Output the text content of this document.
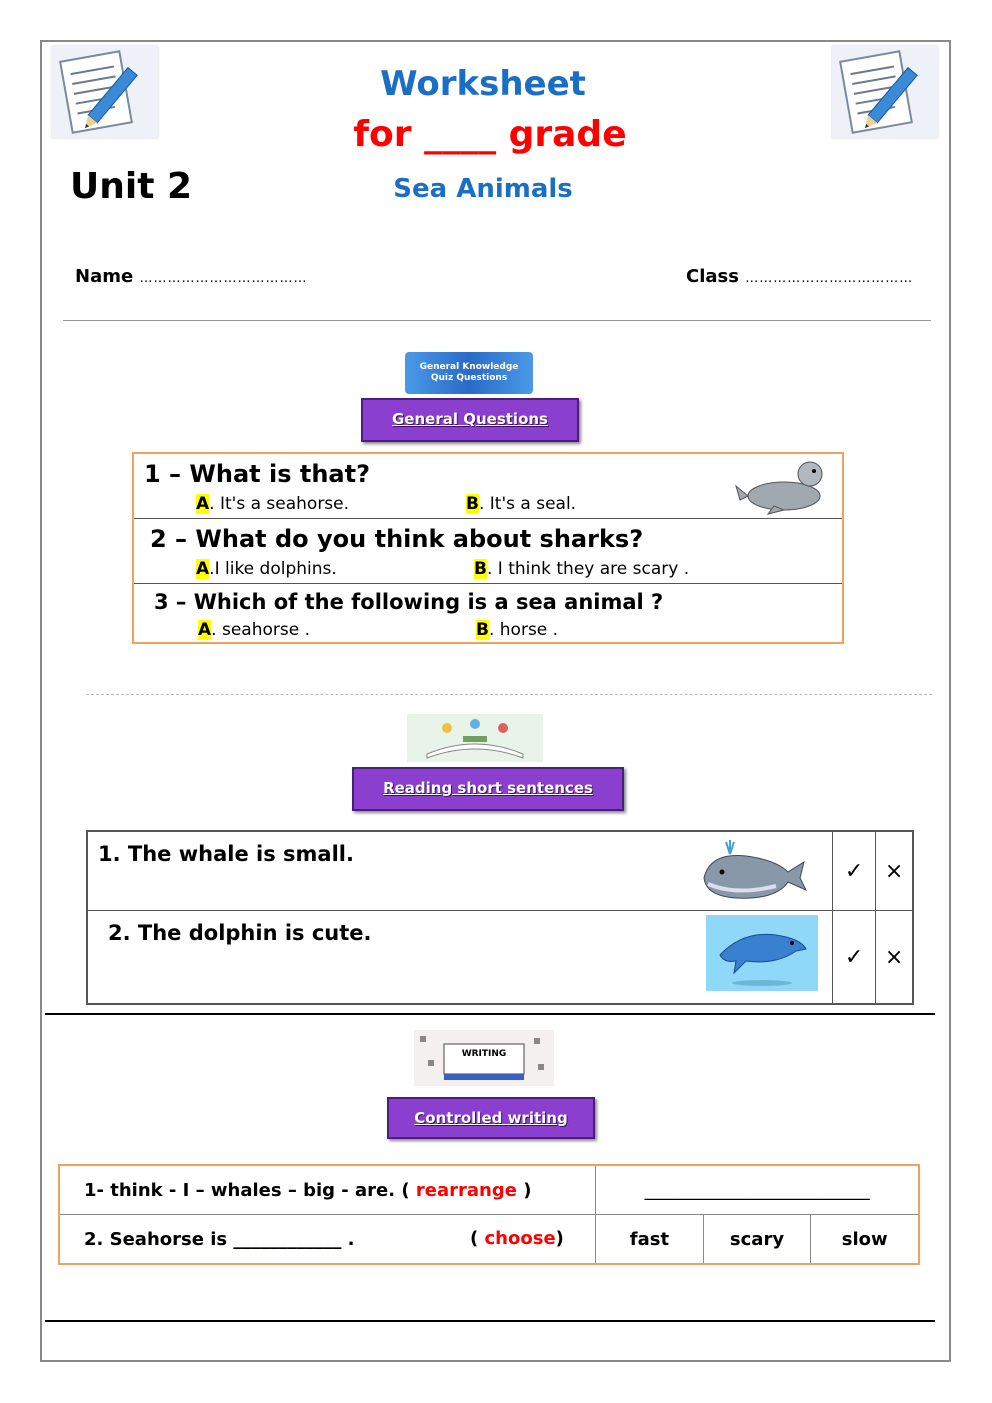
Worksheet
for ____ grade
Unit 2	Sea Animals
Name ………………………………	Class ………………………………
General Knowledge
Quiz Questions
General Questions
1 – What is that?
A. It's a seahorse.	B. It's a seal.

2 – What do you think about sharks?
A.I like dolphins.	B. I think they are scary .

3 – Which of the following is a sea animal ?
A. seahorse .	B. horse .
Reading short sentences
1. The whale is small.	✓	×

2. The dolphin is cute.	✓	×
WRITING
Controlled writing
1- think - I – whales – big - are. ( rearrange )	_________________________		
2. Seahorse is ____________ . ( choose)	fast	scary	slow
